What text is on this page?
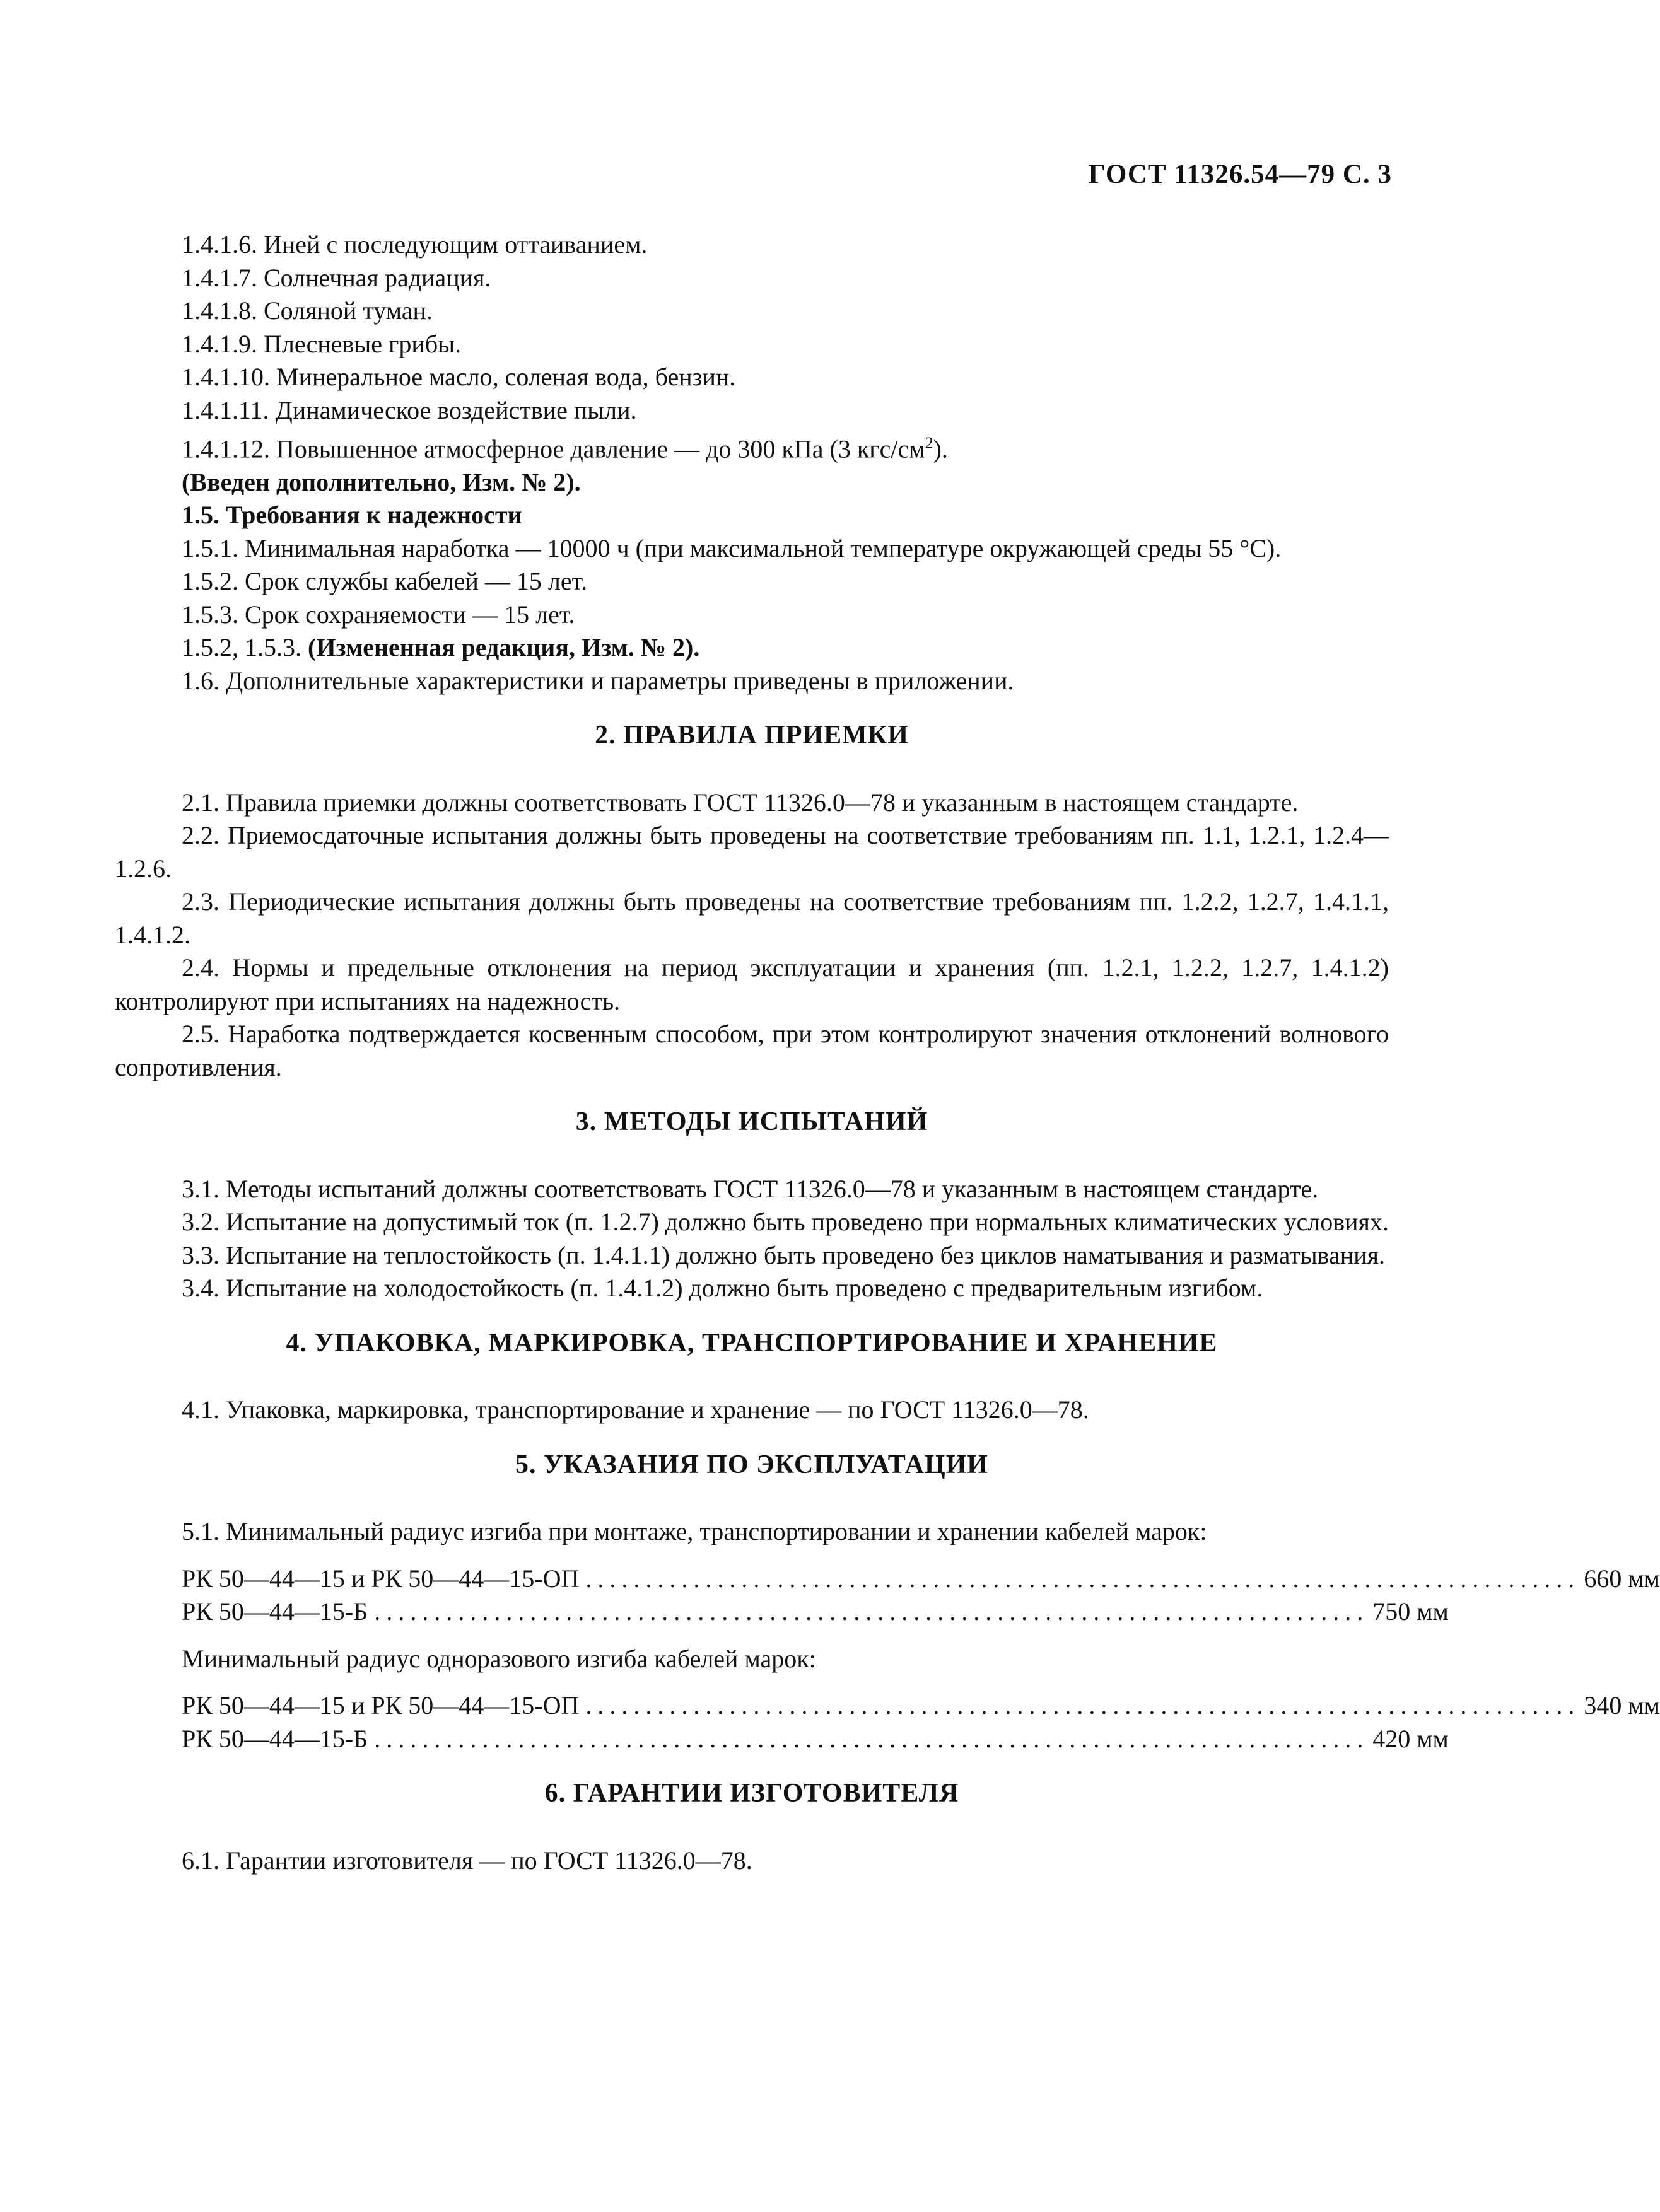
ГОСТ 11326.54—79 С. 3

1.4.1.6. Иней с последующим оттаиванием.

1.4.1.7. Солнечная радиация.

1.4.1.8. Соляной туман.

1.4.1.9. Плесневые грибы.

1.4.1.10. Минеральное масло, соленая вода, бензин.

1.4.1.11. Динамическое воздействие пыли.

1.4.1.12. Повышенное атмосферное давление — до 300 кПа (3 кгс/$см^2$).

(Введен дополнительно, Изм. № 2).

1.5. Требования к надежности

1.5.1. Минимальная наработка — 10000 ч (при максимальной температуре окружающей среды 55 °С).

1.5.2. Срок службы кабелей — 15 лет.

1.5.3. Срок сохраняемости — 15 лет.

1.5.2, 1.5.3. (Измененная редакция, Изм. № 2).

1.6. Дополнительные характеристики и параметры приведены в приложении.

2. ПРАВИЛА ПРИЕМКИ

2.1. Правила приемки должны соответствовать ГОСТ 11326.0—78 и указанным в настоящем стандарте.

2.2. Приемосдаточные испытания должны быть проведены на соответствие требованиям пп. 1.1, 1.2.1, 1.2.4—1.2.6.

2.3. Периодические испытания должны быть проведены на соответствие требованиям пп. 1.2.2, 1.2.7, 1.4.1.1, 1.4.1.2.

2.4. Нормы и предельные отклонения на период эксплуатации и хранения (пп. 1.2.1, 1.2.2, 1.2.7, 1.4.1.2) контролируют при испытаниях на надежность.

2.5. Наработка подтверждается косвенным способом, при этом контролируют значения отклонений волнового сопротивления.

3. МЕТОДЫ ИСПЫТАНИЙ

3.1. Методы испытаний должны соответствовать ГОСТ 11326.0—78 и указанным в настоящем стандарте.

3.2. Испытание на допустимый ток (п. 1.2.7) должно быть проведено при нормальных климатических условиях.

3.3. Испытание на теплостойкость (п. 1.4.1.1) должно быть проведено без циклов наматывания и разматывания.

3.4. Испытание на холодостойкость (п. 1.4.1.2) должно быть проведено с предварительным изгибом.

4. УПАКОВКА, МАРКИРОВКА, ТРАНСПОРТИРОВАНИЕ И ХРАНЕНИЕ

4.1. Упаковка, маркировка, транспортирование и хранение — по ГОСТ 11326.0—78.

5. УКАЗАНИЯ ПО ЭКСПЛУАТАЦИИ

5.1. Минимальный радиус изгиба при монтаже, транспортировании и хранении кабелей марок:

РК 50—44—15 и РК 50—44—15-ОП ................................................................................... 660 мм
РК 50—44—15-Б ................................................................................... 750 мм

Минимальный радиус одноразового изгиба кабелей марок:

РК 50—44—15 и РК 50—44—15-ОП ................................................................................... 340 мм
РК 50—44—15-Б ................................................................................... 420 мм
6. ГАРАНТИИ ИЗГОТОВИТЕЛЯ

6.1. Гарантии изготовителя — по ГОСТ 11326.0—78.
